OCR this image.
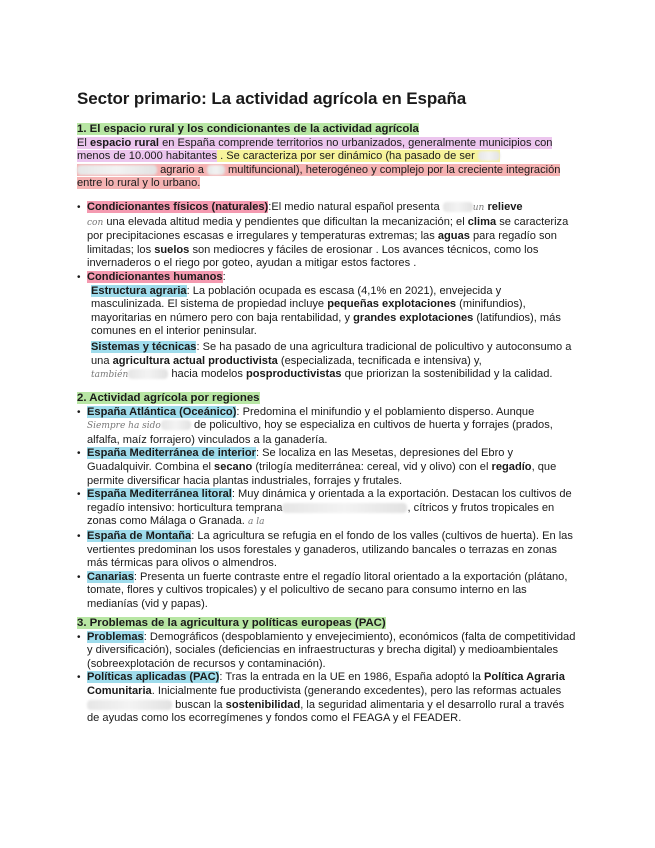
Sector primario: La actividad agrícola en España
1. El espacio rural y los condicionantes de la actividad agrícola
El espacio rural en España comprende territorios no urbanizados, generalmente municipios con menos de 10.000 habitantes . Se caracteriza por ser dinámico (ha pasado de ser  agrario a  multifuncional), heterogéneo y complejo por la creciente integración entre lo rural y lo urbano.
• Condicionantes físicos (naturales):El medio natural español presenta	un relieve
con una elevada altitud media y pendientes que dificultan la mecanización; el clima se caracteriza por precipitaciones escasas e irregulares y temperaturas extremas; las aguas para regadío son limitadas; los suelos son mediocres y fáciles de erosionar . Los avances técnicos, como los invernaderos o el riego por goteo, ayudan a mitigar estos factores .
• Condicionantes humanos:
Estructura agraria: La población ocupada es escasa (4,1% en 2021), envejecida y masculinizada. El sistema de propiedad incluye pequeñas explotaciones (minifundios), mayoritarias en número pero con baja rentabilidad, y grandes explotaciones (latifundios), más comunes en el interior peninsular.
Sistemas y técnicas: Se ha pasado de una agricultura tradicional de policultivo y autoconsumo a una agricultura actual productivista (especializada, tecnificada e intensiva) y,
también	hacia modelos posproductivistas que priorizan la sostenibilidad y la calidad.
2. Actividad agrícola por regiones
• España Atlántica (Oceánico): Predomina el minifundio y el poblamiento disperso. Aunque
Siempre ha sido	de policultivo, hoy se especializa en cultivos de huerta y forrajes (prados, alfalfa, maíz forrajero) vinculados a la ganadería.
• España Mediterránea de interior: Se localiza en las Mesetas, depresiones del Ebro y Guadalquivir. Combina el secano (trilogía mediterránea: cereal, vid y olivo) con el regadío, que permite diversificar hacia plantas industriales, forrajes y frutales.
• España Mediterránea litoral: Muy dinámica y orientada a la exportación. Destacan los cultivos de regadío intensivo: horticultura temprana	, cítricos y frutos tropicales en zonas como Málaga o Granada. a la
• España de Montaña: La agricultura se refugia en el fondo de los valles (cultivos de huerta). En las vertientes predominan los usos forestales y ganaderos, utilizando bancales o terrazas en zonas más térmicas para olivos o almendros.
• Canarias: Presenta un fuerte contraste entre el regadío litoral orientado a la exportación (plátano, tomate, flores y cultivos tropicales) y el policultivo de secano para consumo interno en las medianías (vid y papas).
3. Problemas de la agricultura y políticas europeas (PAC)
• Problemas: Demográficos (despoblamiento y envejecimiento), económicos (falta de competitividad y diversificación), sociales (deficiencias en infraestructuras y brecha digital) y medioambientales (sobreexplotación de recursos y contaminación).
• Políticas aplicadas (PAC): Tras la entrada en la UE en 1986, España adoptó la Política Agraria Comunitaria. Inicialmente fue productivista (generando excedentes), pero las reformas actuales buscan la sostenibilidad, la seguridad alimentaria y el desarrollo rural a través de ayudas como los ecorregímenes y fondos como el FEAGA y el FEADER.
